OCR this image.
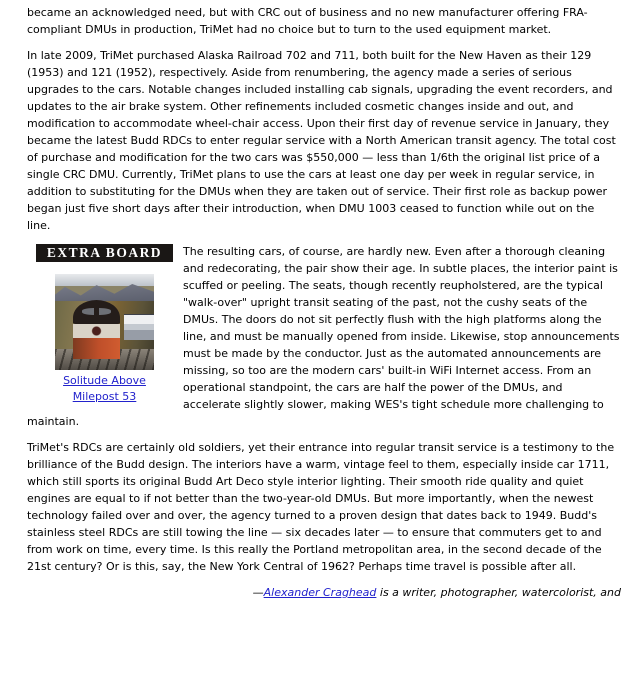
became an acknowledged need, but with CRC out of business and no new manufacturer offering FRA-compliant DMUs in production, TriMet had no choice but to turn to the used equipment market.

In late 2009, TriMet purchased Alaska Railroad 702 and 711, both built for the New Haven as their 129 (1953) and 121 (1952), respectively. Aside from renumbering, the agency made a series of serious upgrades to the cars. Notable changes included installing cab signals, upgrading the event recorders, and updates to the air brake system. Other refinements included cosmetic changes inside and out, and modification to accommodate wheel-chair access. Upon their first day of revenue service in January, they became the latest Budd RDCs to enter regular service with a North American transit agency. The total cost of purchase and modification for the two cars was $550,000 — less than 1/6th the original list price of a single CRC DMU. Currently, TriMet plans to use the cars at least one day per week in regular service, in addition to substituting for the DMUs when they are taken out of service. Their first role as backup power began just five short days after their introduction, when DMU 1003 ceased to function while out on the line.

EXTRA BOARD
Solitude Above Milepost 53

The resulting cars, of course, are hardly new. Even after a thorough cleaning and redecorating, the pair show their age. In subtle places, the interior paint is scuffed or peeling. The seats, though recently reupholstered, are the typical "walk-over" upright transit seating of the past, not the cushy seats of the DMUs. The doors do not sit perfectly flush with the high platforms along the line, and must be manually opened from inside. Likewise, stop announcements must be made by the conductor. Just as the automated announcements are missing, so too are the modern cars' built-in WiFi Internet access. From an operational standpoint, the cars are half the power of the DMUs, and accelerate slightly slower, making WES's tight schedule more challenging to maintain.

TriMet's RDCs are certainly old soldiers, yet their entrance into regular transit service is a testimony to the brilliance of the Budd design. The interiors have a warm, vintage feel to them, especially inside car 1711, which still sports its original Budd Art Deco style interior lighting. Their smooth ride quality and quiet engines are equal to if not better than the two-year-old DMUs. But more importantly, when the newest technology failed over and over, the agency turned to a proven design that dates back to 1949. Budd's stainless steel RDCs are still towing the line — six decades later — to ensure that commuters get to and from work on time, every time. Is this really the Portland metropolitan area, in the second decade of the 21st century? Or is this, say, the New York Central of 1962? Perhaps time travel is possible after all.

—Alexander Craghead is a writer, photographer, watercolorist, and
